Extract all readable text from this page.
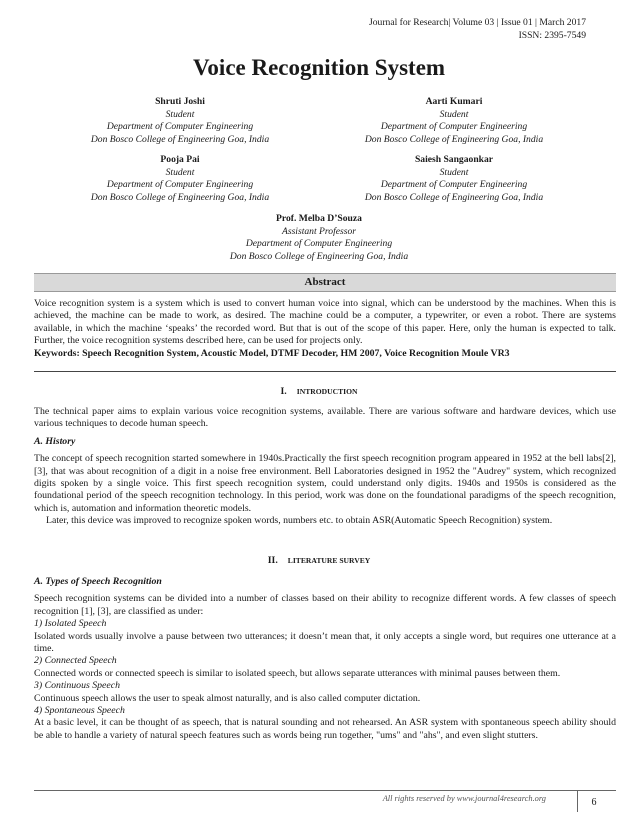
Journal for Research| Volume 03 | Issue 01 | March 2017
ISSN: 2395-7549
Voice Recognition System
Shruti Joshi
Student
Department of Computer Engineering
Don Bosco College of Engineering Goa, India
Aarti Kumari
Student
Department of Computer Engineering
Don Bosco College of Engineering Goa, India
Pooja Pai
Student
Department of Computer Engineering
Don Bosco College of Engineering Goa, India
Saiesh Sangaonkar
Student
Department of Computer Engineering
Don Bosco College of Engineering Goa, India
Prof. Melba D’Souza
Assistant Professor
Department of Computer Engineering
Don Bosco College of Engineering Goa, India
Abstract

Voice recognition system is a system which is used to convert human voice into signal, which can be understood by the machines. When this is achieved, the machine can be made to work, as desired. The machine could be a computer, a typewriter, or even a robot. There are systems available, in which the machine ‘speaks’ the recorded word. But that is out of the scope of this paper. Here, only the human is expected to talk. Further, the voice recognition systems described here, can be used for projects only.

Keywords: Speech Recognition System, Acoustic Model, DTMF Decoder, HM 2007, Voice Recognition Moule VR3

I. INTRODUCTION

The technical paper aims to explain various voice recognition systems, available. There are various software and hardware devices, which use various techniques to decode human speech.

A. History

The concept of speech recognition started somewhere in 1940s.Practically the first speech recognition program appeared in 1952 at the bell labs[2],[3], that was about recognition of a digit in a noise free environment. Bell Laboratories designed in 1952 the "Audrey" system, which recognized digits spoken by a single voice. This first speech recognition system, could understand only digits. 1940s and 1950s is considered as the foundational period of the speech recognition technology. In this period, work was done on the foundational paradigms of the speech recognition, which is, automation and information theoretic models.

Later, this device was improved to recognize spoken words, numbers etc. to obtain ASR(Automatic Speech Recognition) system.

II. LITERATURE SURVEY

A. Types of Speech Recognition

Speech recognition systems can be divided into a number of classes based on their ability to recognize different words. A few classes of speech recognition [1], [3], are classified as under:

1) Isolated Speech

Isolated words usually involve a pause between two utterances; it doesn’t mean that, it only accepts a single word, but requires one utterance at a time.

2) Connected Speech

Connected words or connected speech is similar to isolated speech, but allows separate utterances with minimal pauses between them.

3) Continuous Speech

Continuous speech allows the user to speak almost naturally, and is also called computer dictation.

4) Spontaneous Speech

At a basic level, it can be thought of as speech, that is natural sounding and not rehearsed. An ASR system with spontaneous speech ability should be able to handle a variety of natural speech features such as words being run together, "ums" and "ahs", and even slight stutters.

All rights reserved by www.journal4research.org	6
